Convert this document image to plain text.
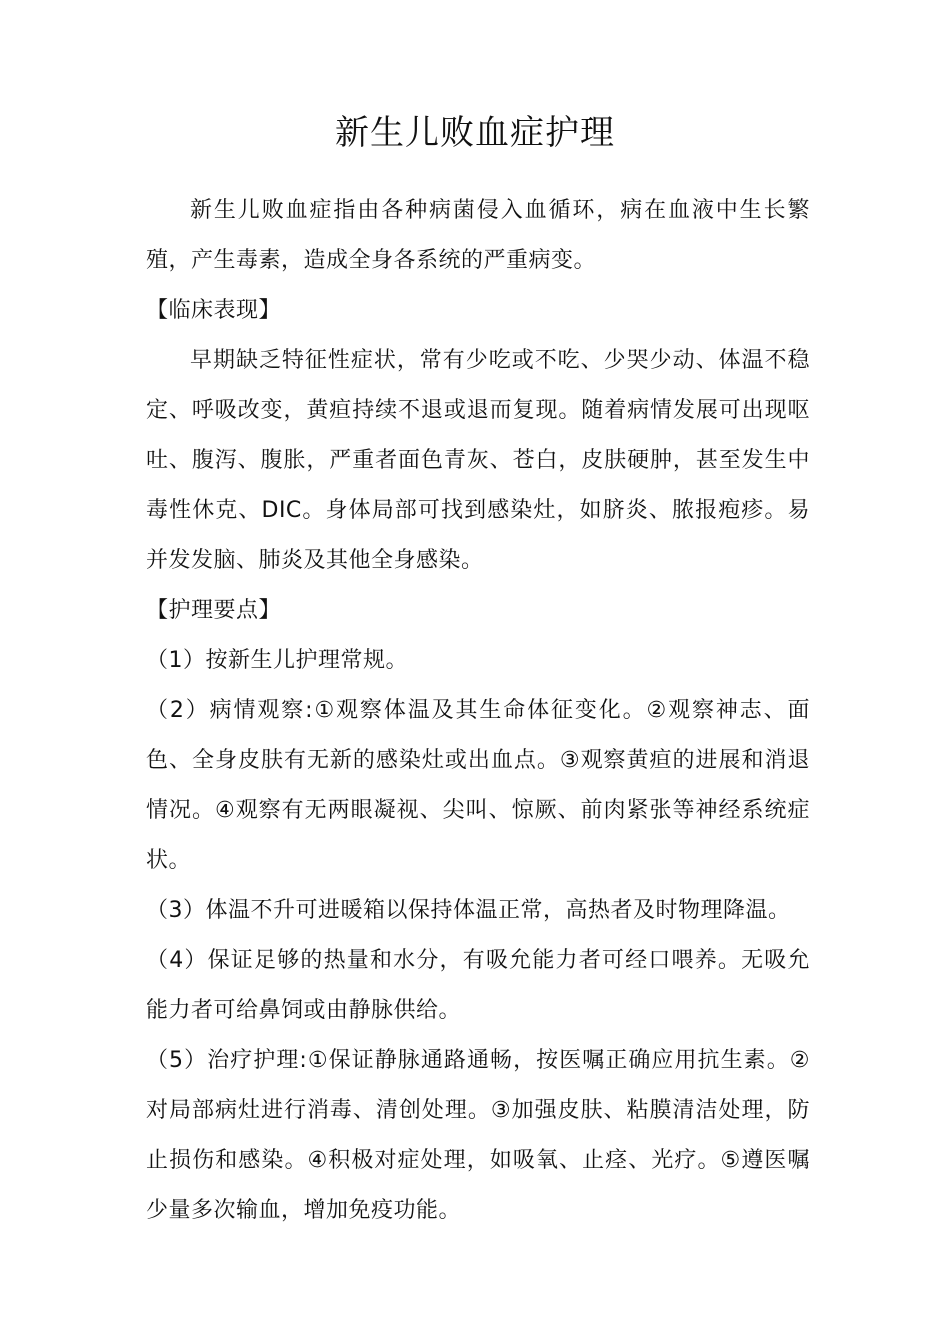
新生儿败血症护理

新生儿败血症指由各种病菌侵入血循环，病在血液中生长繁殖，产生毒素，造成全身各系统的严重病变。

【临床表现】

早期缺乏特征性症状，常有少吃或不吃、少哭少动、体温不稳定、呼吸改变，黄疸持续不退或退而复现。随着病情发展可出现呕吐、腹泻、腹胀，严重者面色青灰、苍白，皮肤硬肿，甚至发生中毒性休克、DIC。身体局部可找到感染灶，如脐炎、脓报疱疹。易并发发脑、肺炎及其他全身感染。

【护理要点】

（1）按新生儿护理常规。

（2）病情观察:①观察体温及其生命体征变化。②观察神志、面色、全身皮肤有无新的感染灶或出血点。③观察黄疸的进展和消退情况。④观察有无两眼凝视、尖叫、惊厥、前肉紧张等神经系统症状。

（3）体温不升可进暖箱以保持体温正常，高热者及时物理降温。

（4）保证足够的热量和水分，有吸允能力者可经口喂养。无吸允能力者可给鼻饲或由静脉供给。

（5）治疗护理:①保证静脉通路通畅，按医嘱正确应用抗生素。②对局部病灶进行消毒、清创处理。③加强皮肤、粘膜清洁处理，防止损伤和感染。④积极对症处理，如吸氧、止痉、光疗。⑤遵医嘱少量多次输血，增加免疫功能。
